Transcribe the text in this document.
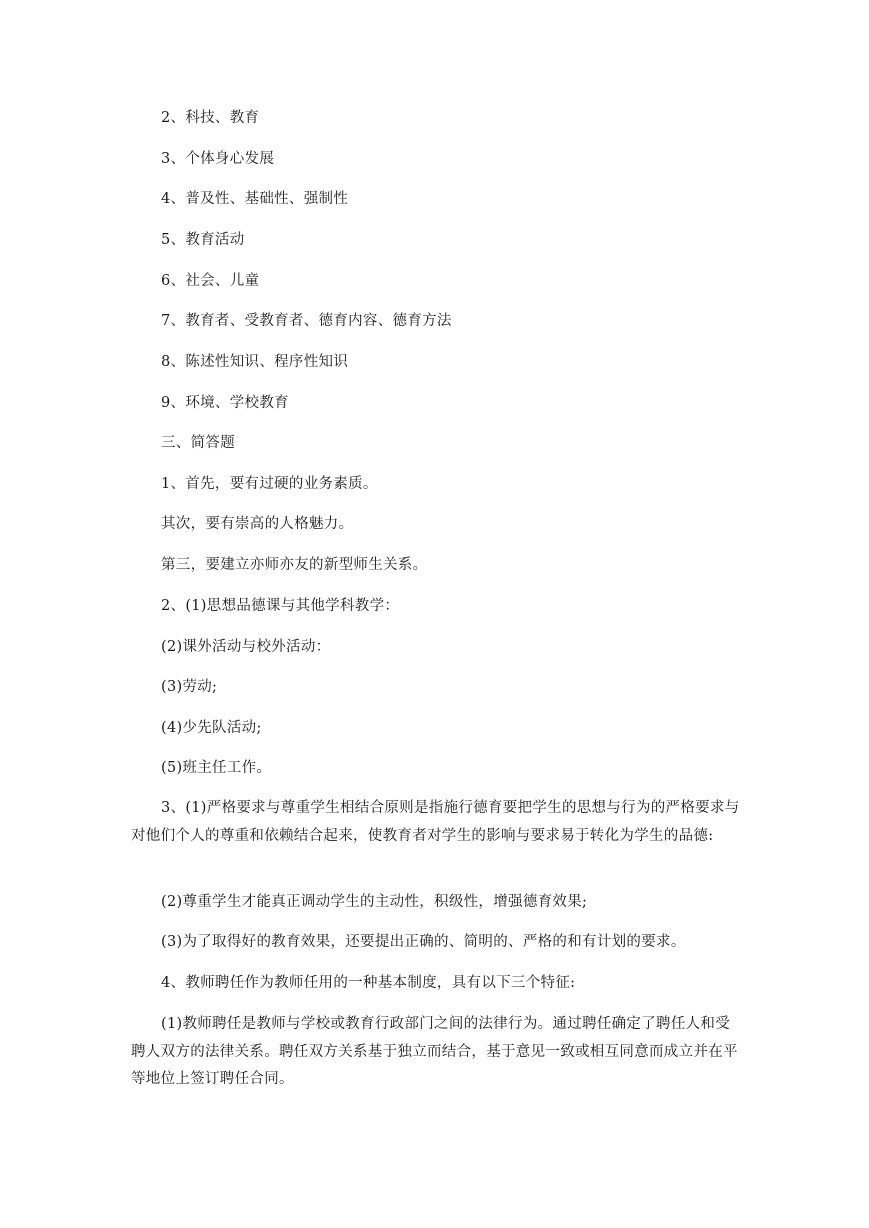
2、科技、教育
3、个体身心发展
4、普及性、基础性、强制性
5、教育活动
6、社会、儿童
7、教育者、受教育者、德育内容、德育方法
8、陈述性知识、程序性知识
9、环境、学校教育
三、简答题
1、首先，要有过硬的业务素质。
其次，要有崇高的人格魅力。
第三，要建立亦师亦友的新型师生关系。
2、(1)思想品德课与其他学科教学：
(2)课外活动与校外活动：
(3)劳动;
(4)少先队活动;
(5)班主任工作。
3、(1)严格要求与尊重学生相结合原则是指施行德育要把学生的思想与行为的严格要求与对他们个人的尊重和依赖结合起来，使教育者对学生的影响与要求易于转化为学生的品德:
(2)尊重学生才能真正调动学生的主动性，积级性，增强德育效果;
(3)为了取得好的教育效果，还要提出正确的、简明的、严格的和有计划的要求。
4、教师聘任作为教师任用的一种基本制度，具有以下三个特征:
(1)教师聘任是教师与学校或教育行政部门之间的法律行为。通过聘任确定了聘任人和受聘人双方的法律关系。聘任双方关系基于独立而结合，基于意见一致或相互同意而成立并在平等地位上签订聘任合同。
